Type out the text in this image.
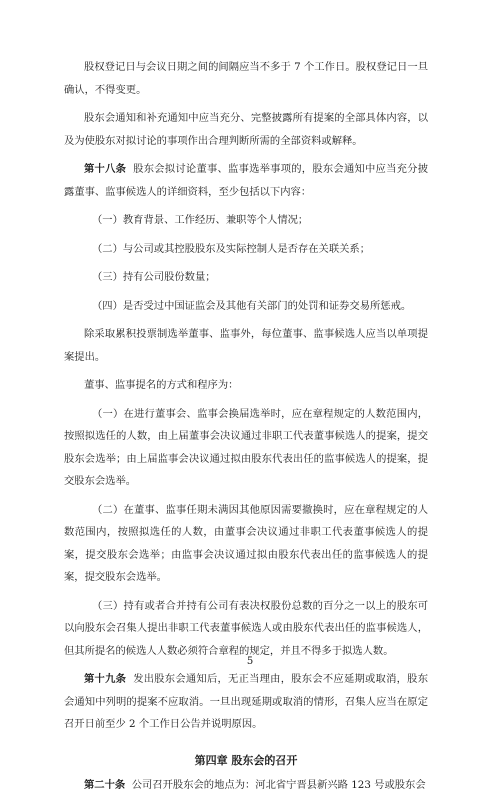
股权登记日与会议日期之间的间隔应当不多于 7 个工作日。股权登记日一旦确认，不得变更。

股东会通知和补充通知中应当充分、完整披露所有提案的全部具体内容，以及为使股东对拟讨论的事项作出合理判断所需的全部资料或解释。

第十八条 股东会拟讨论董事、监事选举事项的，股东会通知中应当充分披露董事、监事候选人的详细资料，至少包括以下内容：

（一）教育背景、工作经历、兼职等个人情况；

（二）与公司或其控股股东及实际控制人是否存在关联关系；

（三）持有公司股份数量；

（四）是否受过中国证监会及其他有关部门的处罚和证券交易所惩戒。

除采取累积投票制选举董事、监事外，每位董事、监事候选人应当以单项提案提出。

董事、监事提名的方式和程序为：

（一）在进行董事会、监事会换届选举时，应在章程规定的人数范围内，按照拟选任的人数，由上届董事会决议通过非职工代表董事候选人的提案，提交股东会选举；由上届监事会决议通过拟由股东代表出任的监事候选人的提案，提交股东会选举。

（二）在董事、监事任期未满因其他原因需要撤换时，应在章程规定的人数范围内，按照拟选任的人数，由董事会决议通过非职工代表董事候选人的提案，提交股东会选举；由监事会决议通过拟由股东代表出任的监事候选人的提案，提交股东会选举。

（三）持有或者合并持有公司有表决权股份总数的百分之一以上的股东可以向股东会召集人提出非职工代表董事候选人或由股东代表出任的监事候选人，但其所提名的候选人人数必须符合章程的规定，并且不得多于拟选人数。

第十九条 发出股东会通知后，无正当理由，股东会不应延期或取消，股东会通知中列明的提案不应取消。一旦出现延期或取消的情形，召集人应当在原定召开日前至少 2 个工作日公告并说明原因。

第四章 股东会的召开

第二十条 公司召开股东会的地点为：河北省宁晋县新兴路 123 号或股东会

5
